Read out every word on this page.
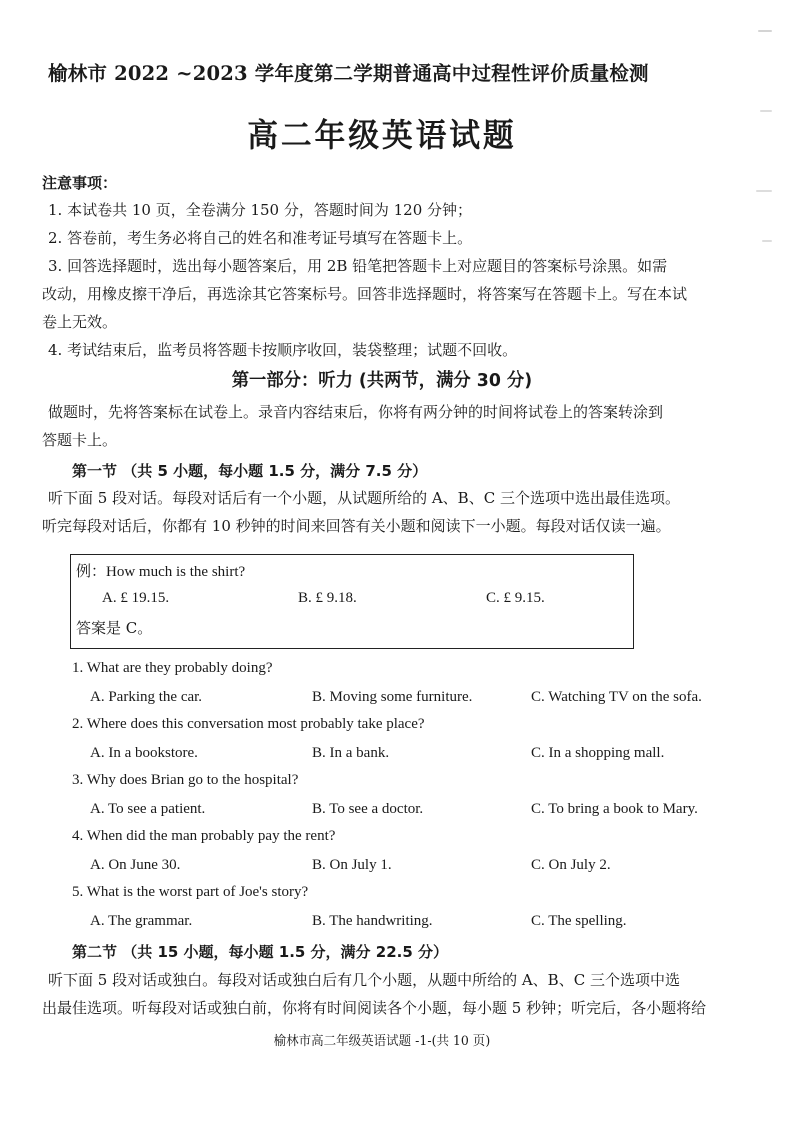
榆林市 2022 ~2023 学年度第二学期普通高中过程性评价质量检测
高二年级英语试题
注意事项：
1. 本试卷共 10 页，全卷满分 150 分，答题时间为 120 分钟；
2. 答卷前，考生务必将自己的姓名和准考证号填写在答题卡上。
3. 回答选择题时，选出每小题答案后，用 2B 铅笔把答题卡上对应题目的答案标号涂黑。如需
改动，用橡皮擦干净后，再选涂其它答案标号。回答非选择题时，将答案写在答题卡上。写在本试
卷上无效。
4. 考试结束后，监考员将答题卡按顺序收回，装袋整理；试题不回收。
第一部分：听力 (共两节，满分 30 分)
做题时，先将答案标在试卷上。录音内容结束后，你将有两分钟的时间将试卷上的答案转涂到
答题卡上。
第一节 （共 5 小题，每小题 1.5 分，满分 7.5 分）
听下面 5 段对话。每段对话后有一个小题，从试题所给的 A、B、C 三个选项中选出最佳选项。
听完每段对话后，你都有 10 秒钟的时间来回答有关小题和阅读下一小题。每段对话仅读一遍。
例：How much is the shirt?
A. £ 19.15.	B. £ 9.18.	C. £ 9.15.
答案是 C。
1. What are they probably doing?
A. Parking the car.	B. Moving some furniture.	C. Watching TV on the sofa.
2. Where does this conversation most probably take place?
A. In a bookstore.	B. In a bank.	C. In a shopping mall.
3. Why does Brian go to the hospital?
A. To see a patient.	B. To see a doctor.	C. To bring a book to Mary.
4. When did the man probably pay the rent?
A. On June 30.	B. On July 1.	C. On July 2.
5. What is the worst part of Joe's story?
A. The grammar.	B. The handwriting.	C. The spelling.
第二节 （共 15 小题，每小题 1.5 分，满分 22.5 分）
听下面 5 段对话或独白。每段对话或独白后有几个小题，从题中所给的 A、B、C 三个选项中选
出最佳选项。听每段对话或独白前，你将有时间阅读各个小题，每小题 5 秒钟；听完后，各小题将给
榆林市高二年级英语试题 -1-(共 10 页)
